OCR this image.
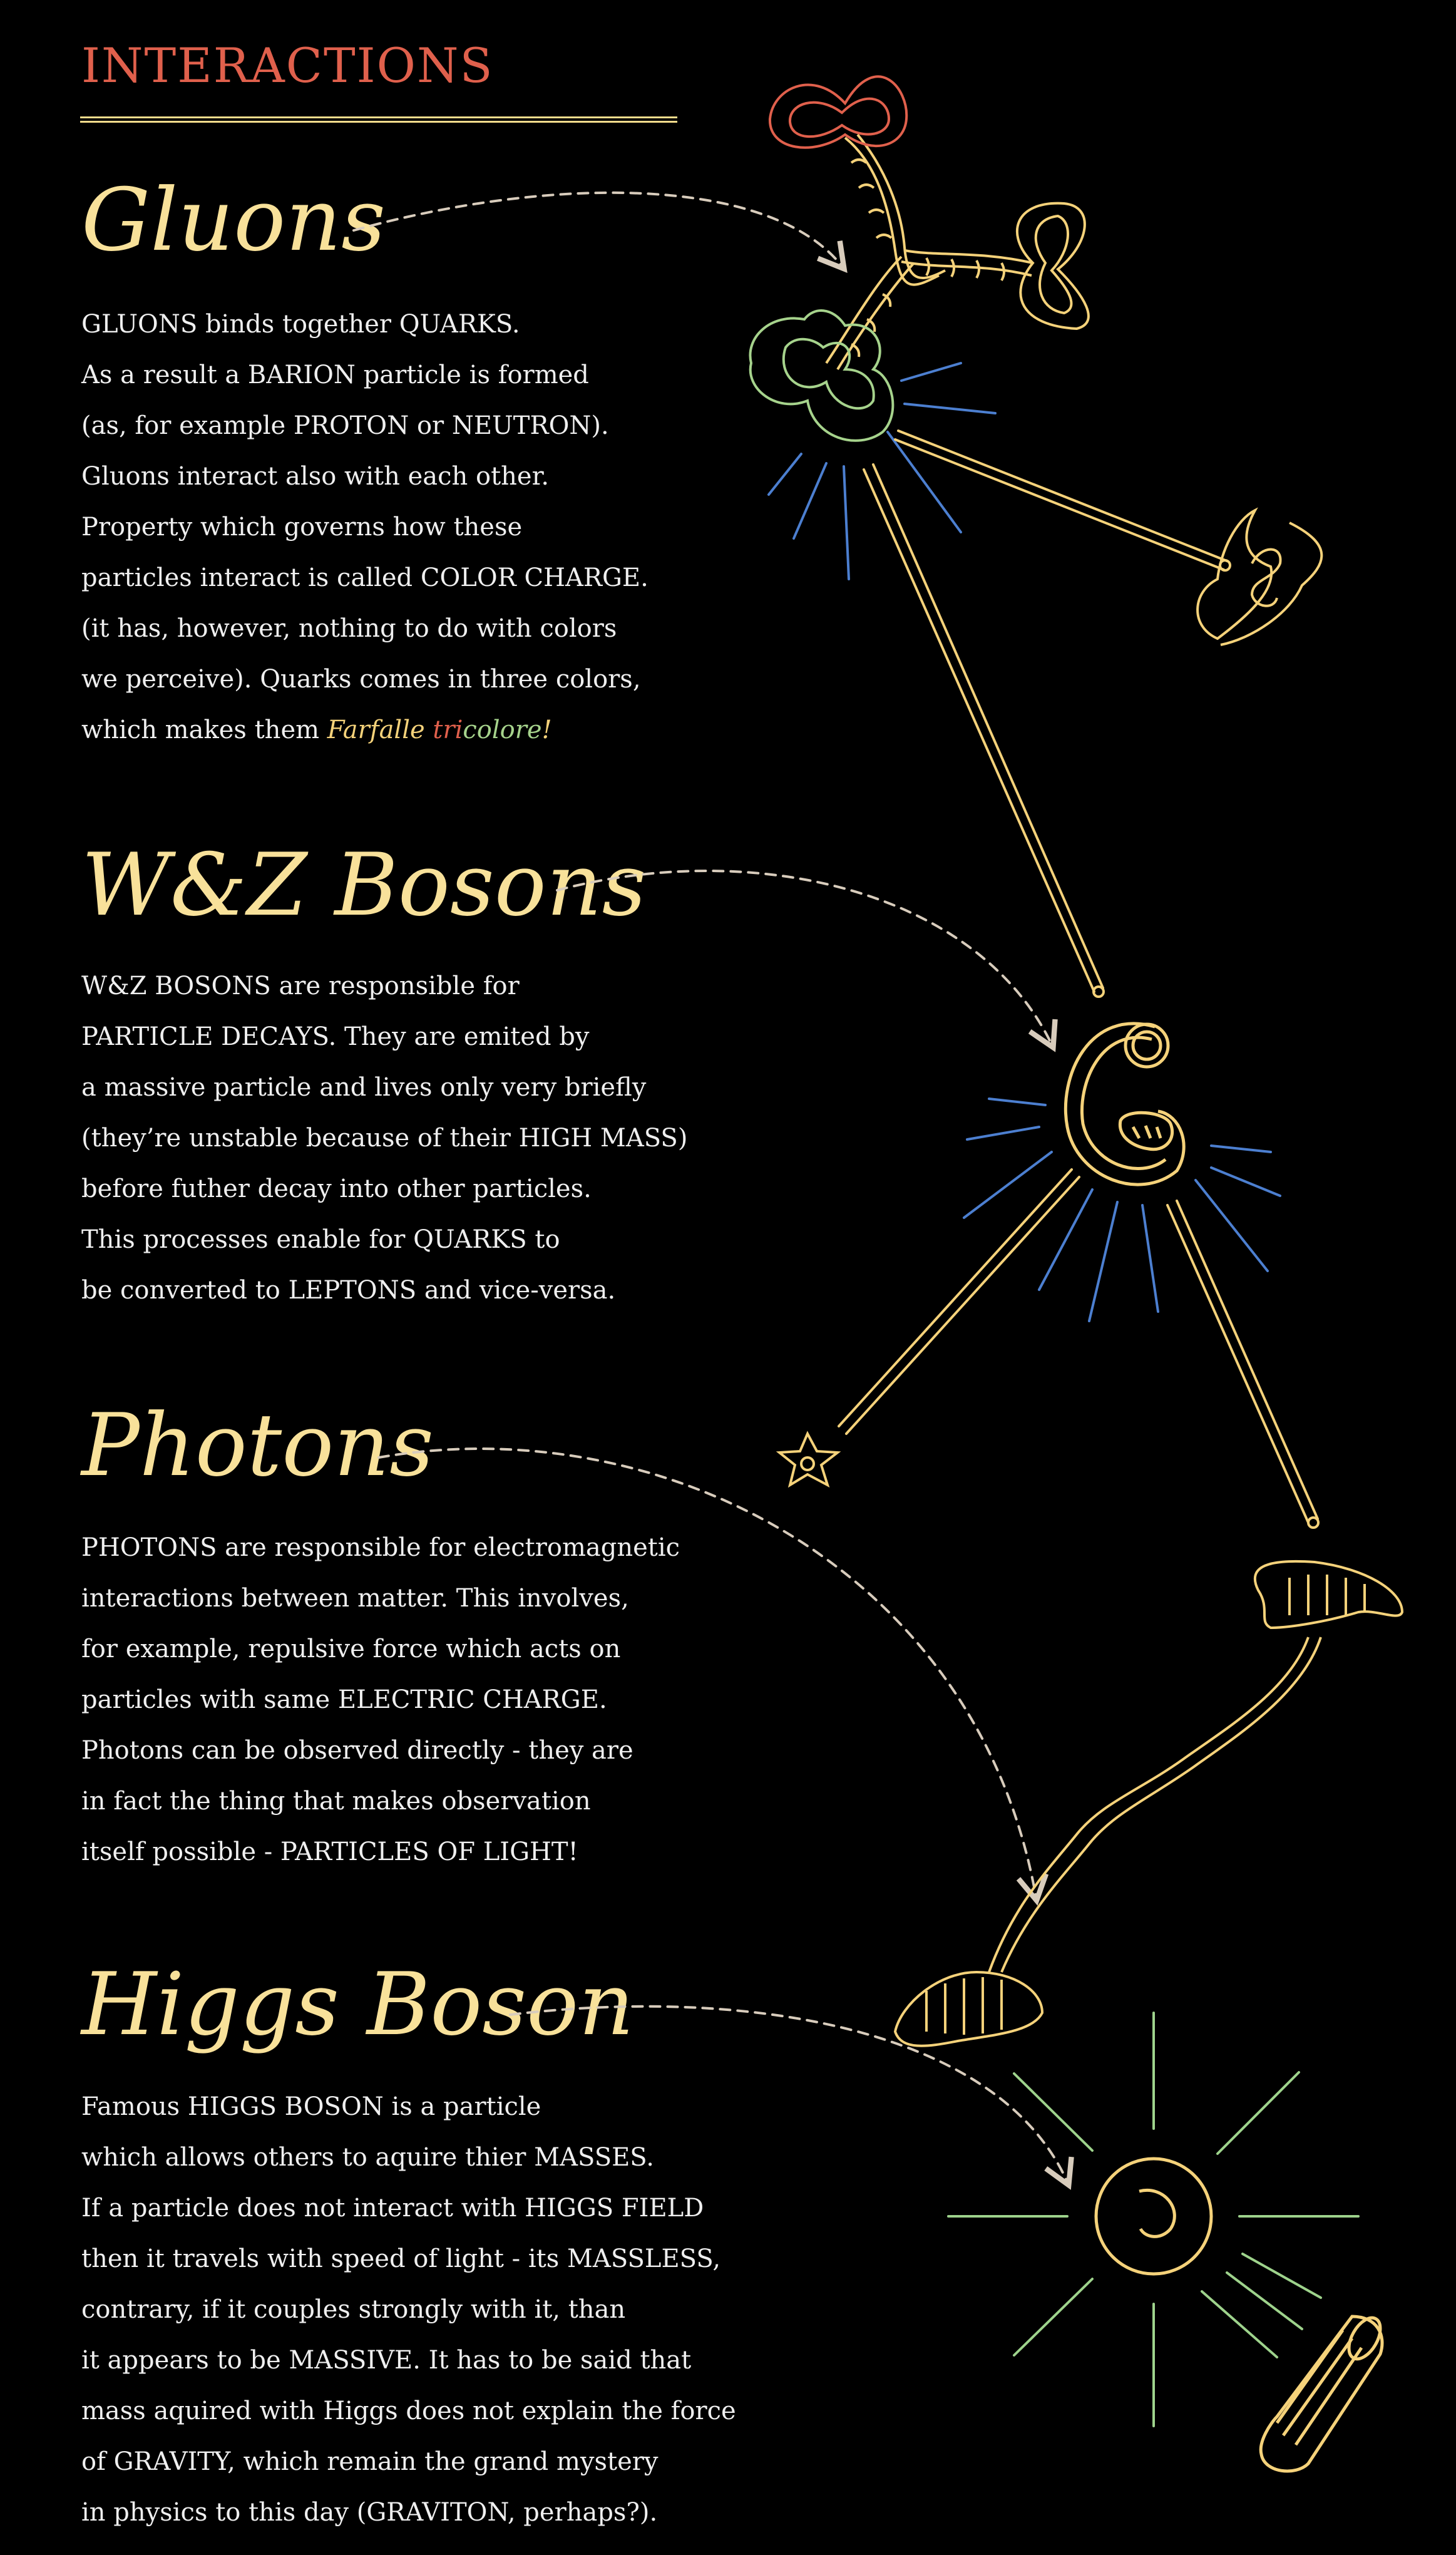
INTERACTIONS
Gluons

GLUONS binds together QUARKS.
As a result a BARION particle is formed
(as, for example PROTON or NEUTRON).
Gluons interact also with each other.
Property which governs how these
particles interact is called COLOR CHARGE.
(it has, however, nothing to do with colors
we perceive). Quarks comes in three colors,
which makes them Farfalle tricolore!

W&Z Bosons

W&Z BOSONS are responsible for
PARTICLE DECAYS. They are emited by
a massive particle and lives only very briefly
(they’re unstable because of their HIGH MASS)
before futher decay into other particles.
This processes enable for QUARKS to
be converted to LEPTONS and vice-versa.

Photons

PHOTONS are responsible for electromagnetic
interactions between matter. This involves,
for example, repulsive force which acts on
particles with same ELECTRIC CHARGE.
Photons can be observed directly - they are
in fact the thing that makes observation
itself possible - PARTICLES OF LIGHT!

Higgs Boson

Famous HIGGS BOSON is a particle
which allows others to aquire thier MASSES.
If a particle does not interact with HIGGS FIELD
then it travels with speed of light - its MASSLESS,
contrary, if it couples strongly with it, than
it appears to be MASSIVE. It has to be said that
mass aquired with Higgs does not explain the force
of GRAVITY, which remain the grand mystery
in physics to this day (GRAVITON, perhaps?).
